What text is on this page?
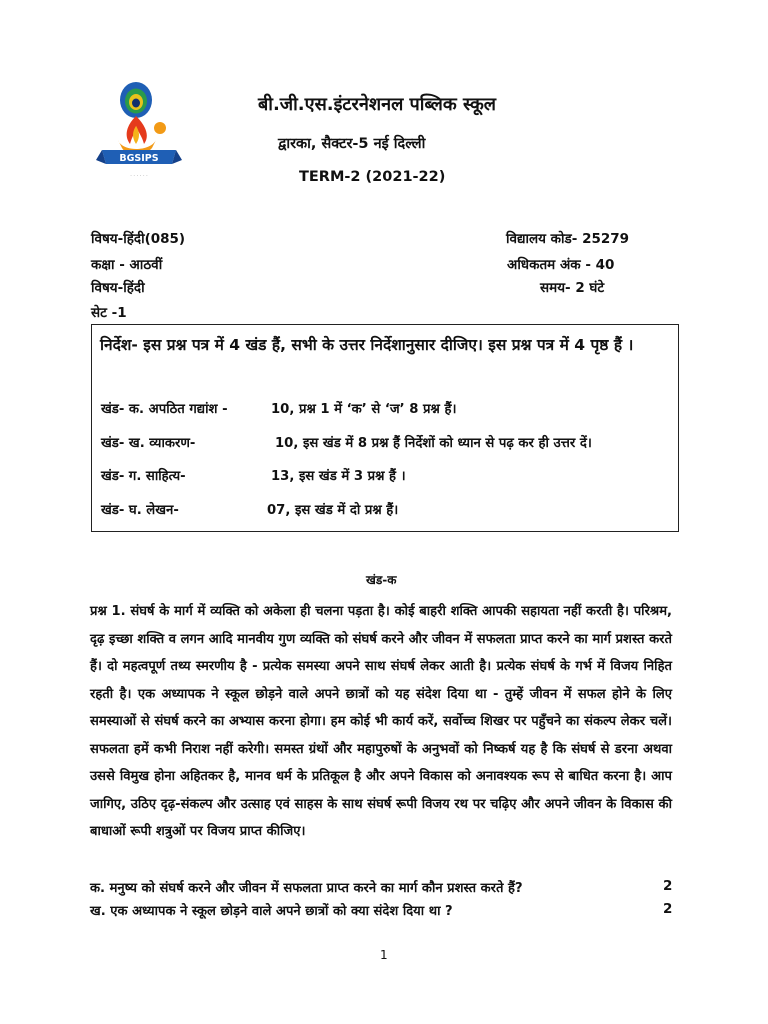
BGSIPS
· · · · · ·
बी.जी.एस.इंटरनेशनल पब्लिक स्कूल
द्वारका, सैक्टर-5 नई दिल्ली
TERM-2 (2021-22)
विषय-हिंदी(085)
कक्षा - आठवीं
विषय-हिंदी
सेट -1
विद्यालय कोड- 25279
अधिकतम अंक - 40
समय- 2 घंटे
निर्देश- इस प्रश्न पत्र में 4 खंड हैं, सभी के उत्तर निर्देशानुसार दीजिए। इस प्रश्न पत्र में 4 पृष्ठ हैं ।
खंड- क. अपठित गद्यांश -	10, प्रश्न 1 में ‘क’ से ‘ज’ 8 प्रश्न हैं।
खंड- ख. व्याकरण-	10, इस खंड में 8 प्रश्न हैं निर्देशों को ध्यान से पढ़ कर ही उत्तर दें।
खंड- ग. साहित्य-	13, इस खंड में 3 प्रश्न हैं ।
खंड- घ. लेखन-	07, इस खंड में दो प्रश्न हैं।
खंड-क
प्रश्न 1. संघर्ष के मार्ग में व्यक्ति को अकेला ही चलना पड़ता है। कोई बाहरी शक्ति आपकी सहायता नहीं करती है। परिश्रम, दृढ़ इच्छा शक्ति व लगन आदि मानवीय गुण व्यक्ति को संघर्ष करने और जीवन में सफलता प्राप्त करने का मार्ग प्रशस्त करते हैं। दो महत्वपूर्ण तथ्य स्मरणीय है - प्रत्येक समस्या अपने साथ संघर्ष लेकर आती है। प्रत्येक संघर्ष के गर्भ में विजय निहित रहती है। एक अध्यापक ने स्कूल छोड़ने वाले अपने छात्रों को यह संदेश दिया था - तुम्हें जीवन में सफल होने के लिए समस्याओं से संघर्ष करने का अभ्यास करना होगा। हम कोई भी कार्य करें, सर्वोच्च शिखर पर पहुँचने का संकल्प लेकर चलें। सफलता हमें कभी निराश नहीं करेगी। समस्त ग्रंथों और महापुरुषों के अनुभवों को निष्कर्ष यह है कि संघर्ष से डरना अथवा उससे विमुख होना अहितकर है, मानव धर्म के प्रतिकूल है और अपने विकास को अनावश्यक रूप से बाधित करना है। आप जागिए, उठिए दृढ़-संकल्प और उत्साह एवं साहस के साथ संघर्ष रूपी विजय रथ पर चढ़िए और अपने जीवन के विकास की बाधाओं रूपी शत्रुओं पर विजय प्राप्त कीजिए।
क. मनुष्य को संघर्ष करने और जीवन में सफलता प्राप्त करने का मार्ग कौन प्रशस्त करते हैं?	2
ख. एक अध्यापक ने स्कूल छोड़ने वाले अपने छात्रों को क्या संदेश दिया था ?	2
1
